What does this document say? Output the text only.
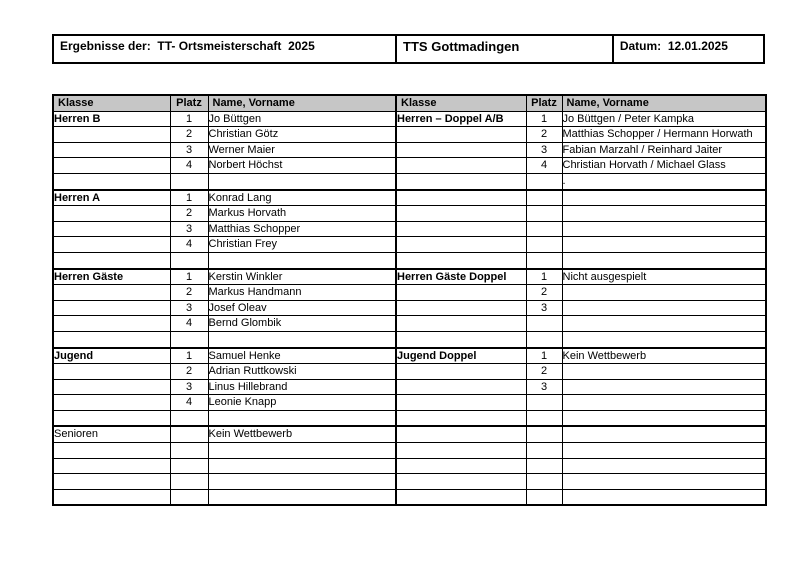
Ergebnisse der:  TT- Ortsmeisterschaft  2025	TTS Gottmadingen	Datum:  12.01.2025
Klasse	Platz	Name, Vorname	Klasse	Platz	Name, Vorname
Herren B	1	Jo Büttgen	Herren – Doppel A/B	1	Jo Büttgen / Peter Kampka
	2	Christian Götz		2	Matthias Schopper / Hermann Horwath
	3	Werner Maier		3	Fabian Marzahl / Reinhard Jaiter
	4	Norbert Höchst		4	Christian Horvath / Michael Glass
					.
Herren A	1	Konrad Lang			
	2	Markus Horvath			
	3	Matthias Schopper			
	4	Christian Frey			

Herren Gäste	1	Kerstin Winkler	Herren Gäste Doppel	1	Nicht ausgespielt
	2	Markus Handmann		2	
	3	Josef Oleav		3	
	4	Bernd Glombik			

Jugend	1	Samuel Henke	Jugend Doppel	1	Kein Wettbewerb
	2	Adrian Ruttkowski		2	
	3	Linus Hillebrand		3	
	4	Leonie Knapp			

Senioren		Kein Wettbewerb			
